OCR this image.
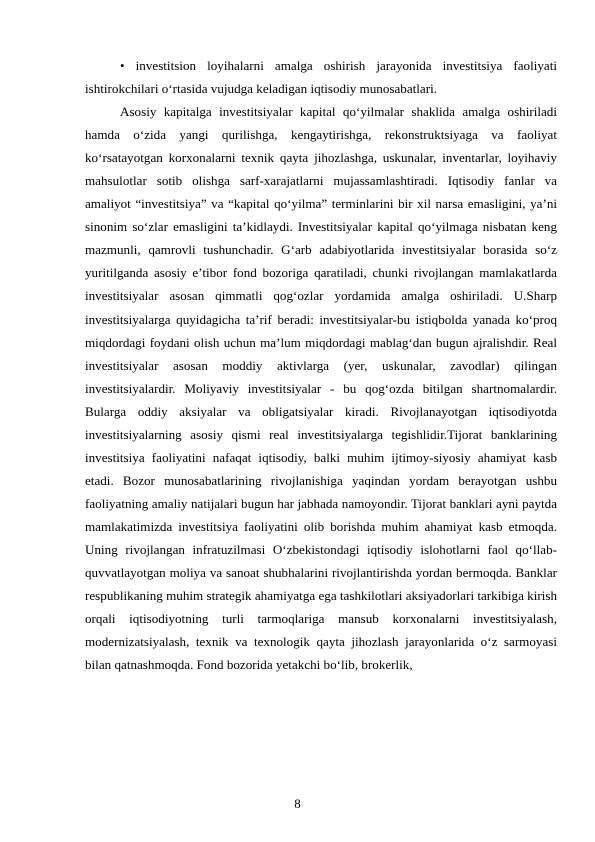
• investitsion loyihalarni amalga oshirish jarayonida investitsiya faoliyati ishtirokchilari o‘rtasida vujudga keladigan iqtisodiy munosabatlari.

Asosiy kapitalga investitsiyalar kapital qo‘yilmalar shaklida amalga oshiriladi hamda o‘zida yangi qurilishga, kengaytirishga, rekonstruktsiyaga va faoliyat ko‘rsatayotgan korxonalarni texnik qayta jihozlashga, uskunalar, inventarlar, loyihaviy mahsulotlar sotib olishga sarf-xarajatlarni mujassamlashtiradi. Iqtisodiy fanlar va amaliyot “investitsiya” va “kapital qo‘yilma” terminlarini bir xil narsa emasligini, ya’ni sinonim so‘zlar emasligini ta’kidlaydi. Investitsiyalar kapital qo‘yilmaga nisbatan keng mazmunli, qamrovli tushunchadir. G‘arb adabiyotlarida investitsiyalar borasida so‘z yuritilganda asosiy e’tibor fond bozoriga qaratiladi, chunki rivojlangan mamlakatlarda investitsiyalar asosan qimmatli qog‘ozlar yordamida amalga oshiriladi. U.Sharp investitsiyalarga quyidagicha ta’rif beradi: investitsiyalar-bu istiqbolda yanada ko‘proq miqdordagi foydani olish uchun ma’lum miqdordagi mablag‘dan bugun ajralishdir. Real investitsiyalar asosan moddiy aktivlarga (yer, uskunalar, zavodlar) qilingan investitsiyalardir. Moliyaviy investitsiyalar - bu qog‘ozda bitilgan shartnomalardir. Bularga oddiy aksiyalar va obligatsiyalar kiradi. Rivojlanayotgan iqtisodiyotda investitsiyalarning asosiy qismi real investitsiyalarga tegishlidir.Tijorat banklarining investitsiya faoliyatini nafaqat iqtisodiy, balki muhim ijtimoy-siyosiy ahamiyat kasb etadi. Bozor munosabatlarining rivojlanishiga yaqindan yordam berayotgan ushbu faoliyatning amaliy natijalari bugun har jabhada namoyondir. Tijorat banklari ayni paytda mamlakatimizda investitsiya faoliyatini olib borishda muhim ahamiyat kasb etmoqda. Uning rivojlangan infratuzilmasi O‘zbekistondagi iqtisodiy islohotlarni faol qo‘llab-quvvatlayotgan moliya va sanoat shubhalarini rivojlantirishda yordan bermoqda. Banklar respublikaning muhim strategik ahamiyatga ega tashkilotlari aksiyadorlari tarkibiga kirish orqali iqtisodiyotning turli tarmoqlariga mansub korxonalarni investitsiyalash, modernizatsiyalash, texnik va texnologik qayta jihozlash jarayonlarida o‘z sarmoyasi bilan qatnashmoqda. Fond bozorida yetakchi bo‘lib, brokerlik,

8
